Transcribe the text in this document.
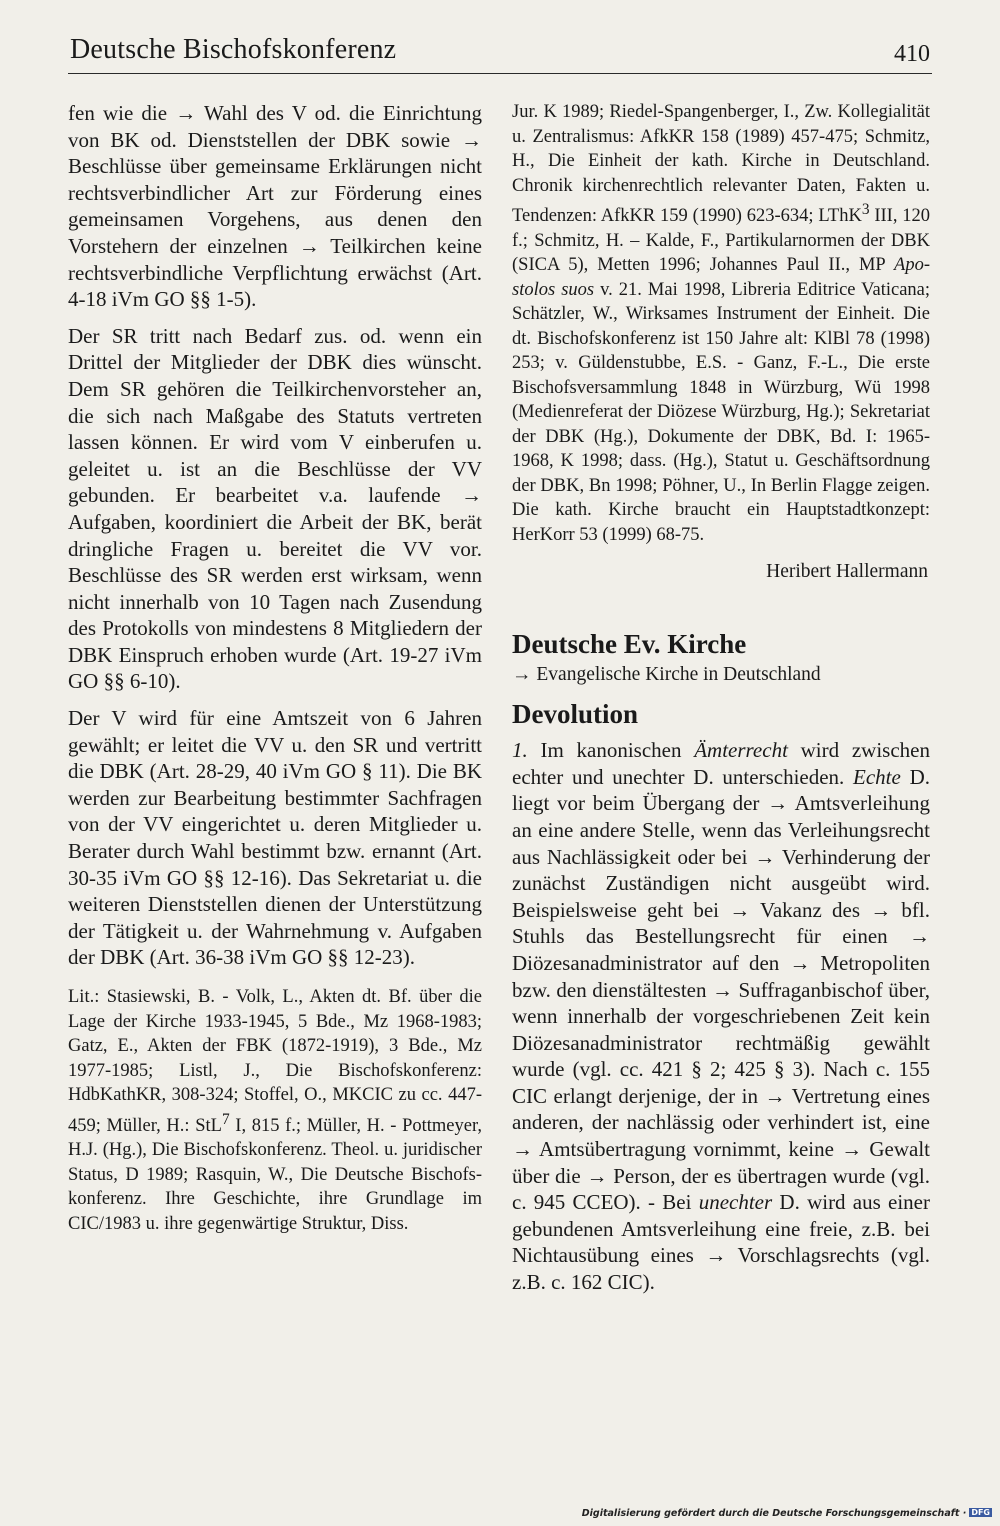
Deutsche Bischofskonferenz	410

fen wie die → Wahl des V od. die Einrichtung von BK od. Dienststellen der DBK sowie → Beschlüsse über gemeinsame Erklärungen nicht rechtsverbindlicher Art zur Förderung eines gemeinsamen Vorgehens, aus denen den Vorstehern der einzelnen → Teilkirchen keine rechtsverbindliche Verpflichtung erwächst (Art. 4-18 iVm GO §§ 1-5).

Der SR tritt nach Bedarf zus. od. wenn ein Drittel der Mitglieder der DBK dies wünscht. Dem SR gehören die Teilkirchenvorsteher an, die sich nach Maßgabe des Statuts vertreten lassen können. Er wird vom V einberufen u. geleitet u. ist an die Beschlüsse der VV gebunden. Er bearbeitet v.a. laufende → Aufgaben, koordiniert die Arbeit der BK, berät dringliche Fragen u. bereitet die VV vor. Beschlüsse des SR werden erst wirksam, wenn nicht innerhalb von 10 Tagen nach Zusendung des Protokolls von mindestens 8 Mitgliedern der DBK Einspruch erhoben wurde (Art. 19-27 iVm GO §§ 6-10).

Der V wird für eine Amtszeit von 6 Jahren gewählt; er leitet die VV u. den SR und vertritt die DBK (Art. 28-29, 40 iVm GO § 11). Die BK werden zur Bearbeitung bestimmter Sachfragen von der VV eingerichtet u. deren Mitglieder u. Berater durch Wahl bestimmt bzw. ernannt (Art. 30-35 iVm GO §§ 12-16). Das Sekretariat u. die weiteren Dienststellen dienen der Unterstützung der Tätigkeit u. der Wahrnehmung v. Aufgaben der DBK (Art. 36-38 iVm GO §§ 12-23).

Lit.: Stasiewski, B. - Volk, L., Akten dt. Bf. über die Lage der Kirche 1933-1945, 5 Bde., Mz 1968-1983; Gatz, E., Akten der FBK (1872-1919), 3 Bde., Mz 1977-1985; Listl, J., Die Bischofskonferenz: HdbKathKR, 308-324; Stoffel, O., MKCIC zu cc. 447-459; Müller, H.: StL$^7$ I, 815 f.; Müller, H. - Pottmeyer, H.J. (Hg.), Die Bischofskonferenz. Theol. u. juridischer Status, D 1989; Rasquin, W., Die Deutsche Bischofskonferenz. Ihre Geschichte, ihre Grundlage im CIC/1983 u. ihre gegenwärtige Struktur, Diss.

Jur. K 1989; Riedel-Spangenberger, I., Zw. Kollegialität u. Zentralismus: AfkKR 158 (1989) 457-475; Schmitz, H., Die Einheit der kath. Kirche in Deutschland. Chronik kirchenrechtlich relevanter Daten, Fakten u. Tendenzen: AfkKR 159 (1990) 623-634; LThK$^3$ III, 120 f.; Schmitz, H. – Kalde, F., Partikularnormen der DBK (SICA 5), Metten 1996; Johannes Paul II., MP Apostolos suos v. 21. Mai 1998, Libreria Editrice Vaticana; Schätzler, W., Wirksames Instrument der Einheit. Die dt. Bischofskonferenz ist 150 Jahre alt: KlBl 78 (1998) 253; v. Güldenstubbe, E.S. - Ganz, F.-L., Die erste Bischofsversammlung 1848 in Würzburg, Wü 1998 (Medienreferat der Diözese Würzburg, Hg.); Sekretariat der DBK (Hg.), Dokumente der DBK, Bd. I: 1965-1968, K 1998; dass. (Hg.), Statut u. Geschäftsordnung der DBK, Bn 1998; Pöhner, U., In Berlin Flagge zeigen. Die kath. Kirche braucht ein Hauptstadtkonzept: HerKorr 53 (1999) 68-75.

Heribert Hallermann

Deutsche Ev. Kirche

→ Evangelische Kirche in Deutschland

Devolution

1. Im kanonischen Ämterrecht wird zwischen echter und unechter D. unterschieden. Echte D. liegt vor beim Übergang der → Amtsverleihung an eine andere Stelle, wenn das Verleihungsrecht aus Nachlässigkeit oder bei → Verhinderung der zunächst Zuständigen nicht ausgeübt wird. Beispielsweise geht bei → Vakanz des → bfl. Stuhls das Bestellungsrecht für einen → Diözesanadministrator auf den → Metropoliten bzw. den dienstältesten → Suffraganbischof über, wenn innerhalb der vorgeschriebenen Zeit kein Diözesanadministrator rechtmäßig gewählt wurde (vgl. cc. 421 § 2; 425 § 3). Nach c. 155 CIC erlangt derjenige, der in → Vertretung eines anderen, der nachlässig oder verhindert ist, eine → Amtsübertragung vornimmt, keine → Gewalt über die → Person, der es übertragen wurde (vgl. c. 945 CCEO). - Bei unechter D. wird aus einer gebundenen Amtsverleihung eine freie, z.B. bei Nichtausübung eines → Vorschlagsrechts (vgl. z.B. c. 162 CIC).

Digitalisierung gefördert durch die Deutsche Forschungsgemeinschaft · DFG
